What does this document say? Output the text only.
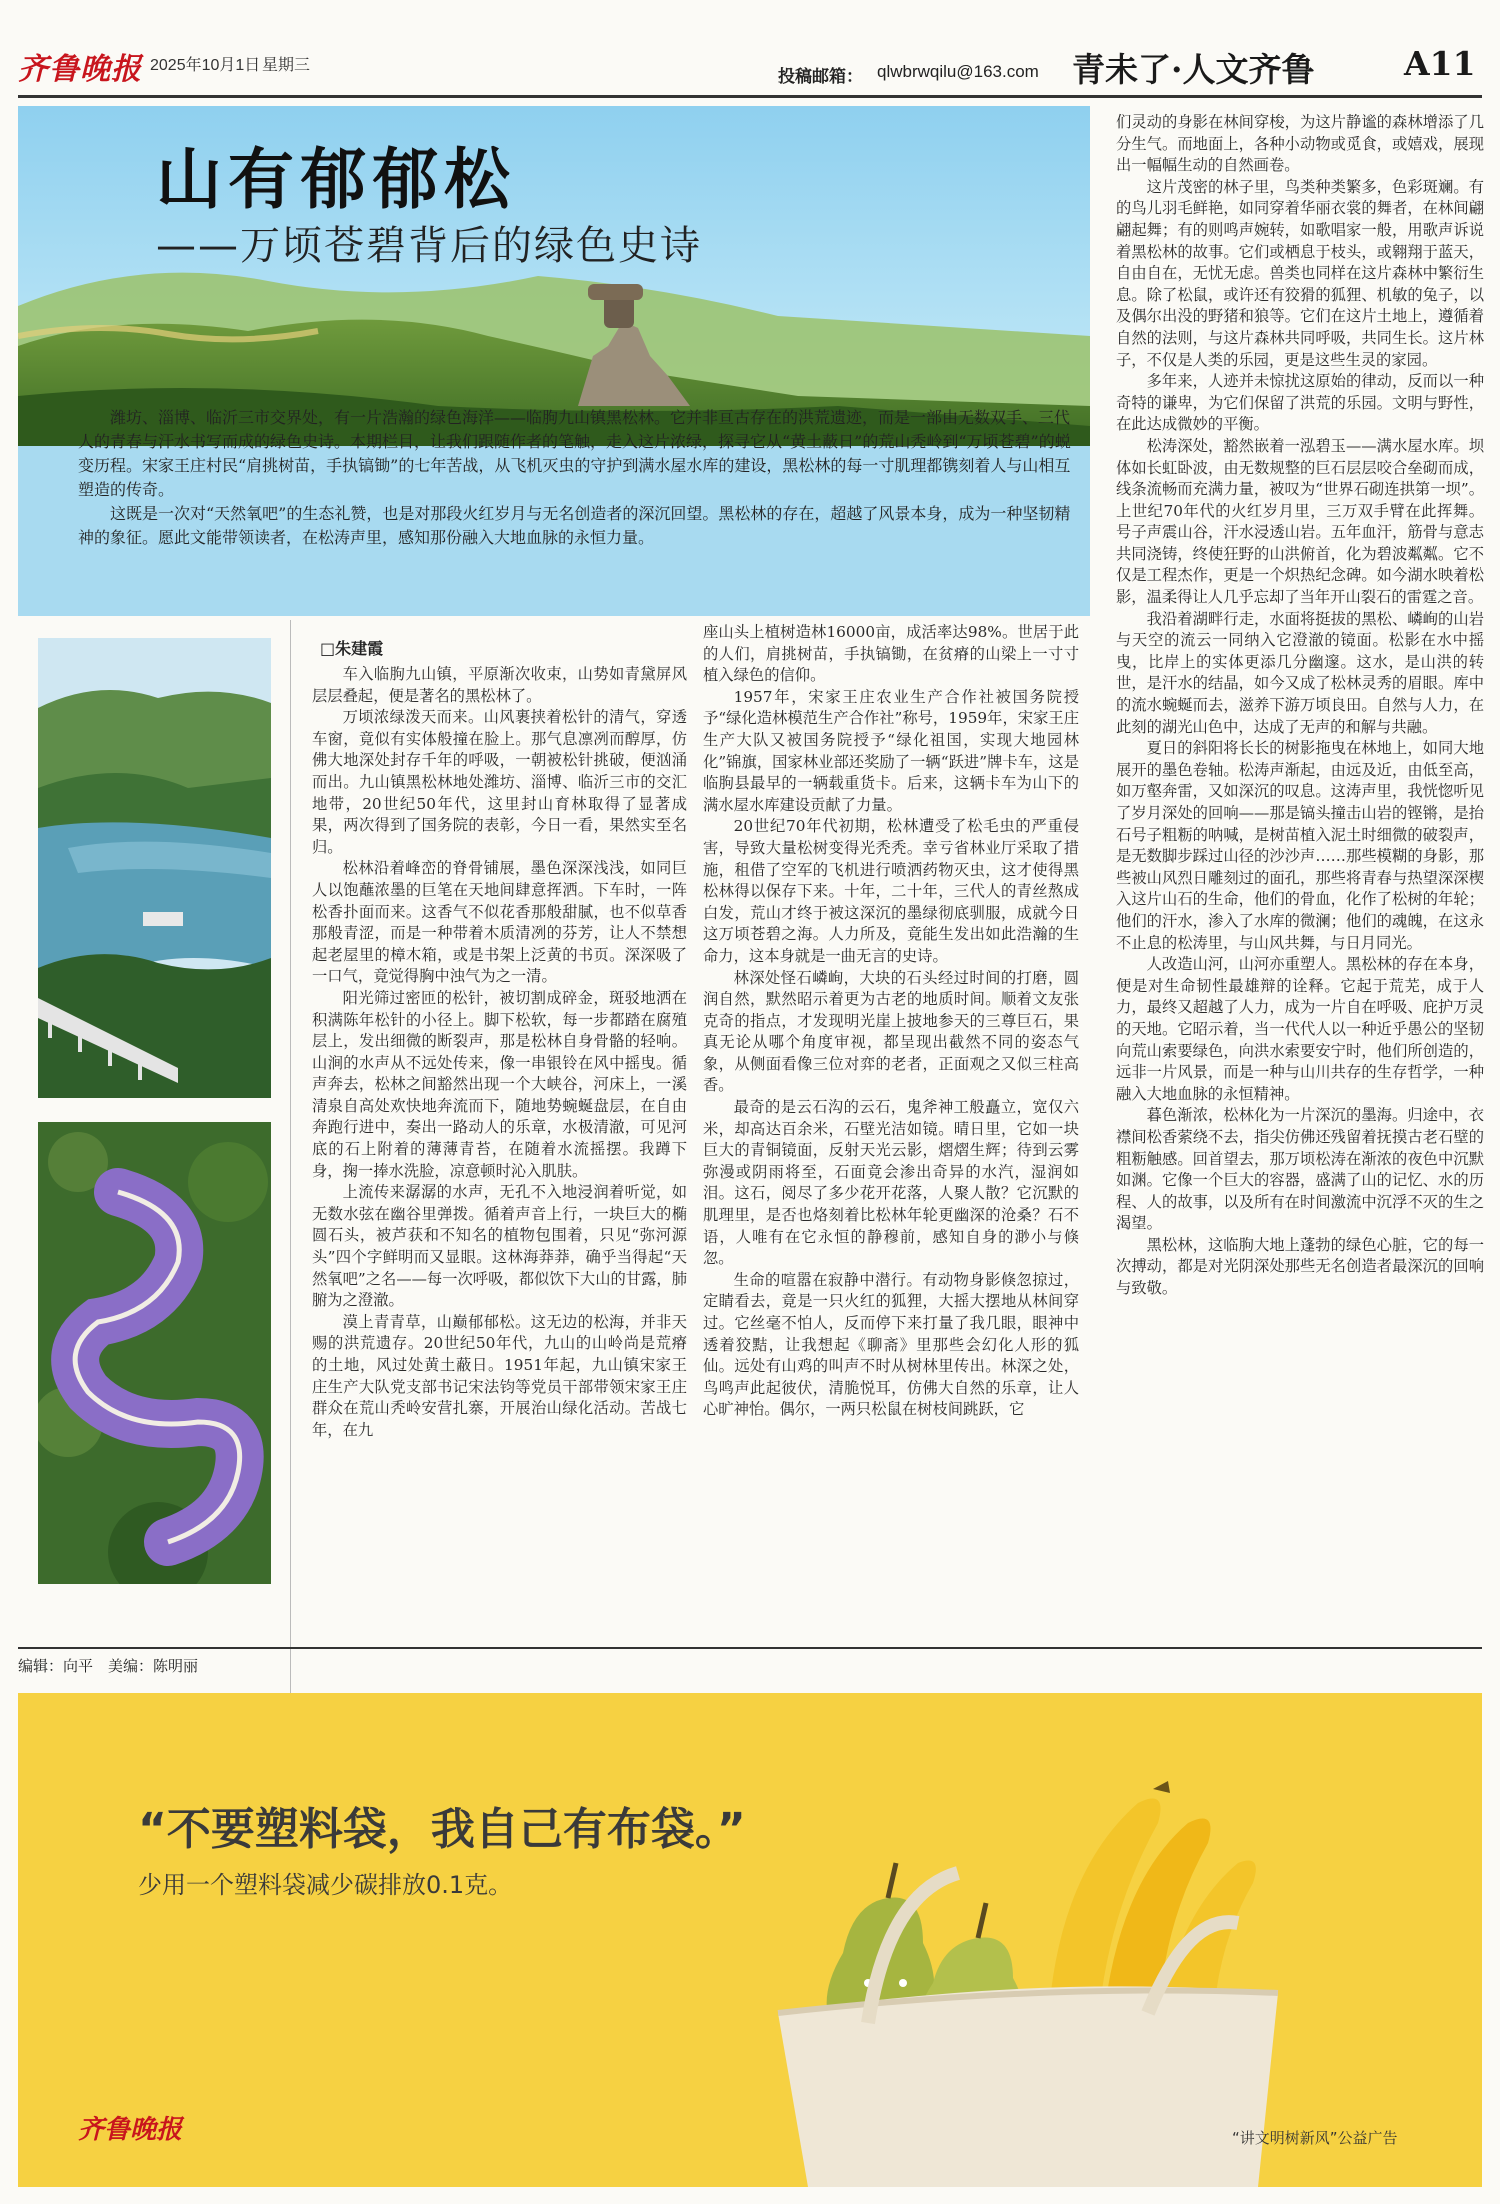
齐鲁晚报 2025年10月1日 星期三
投稿邮箱： qlwbrwqilu@163.com 青未了·人文齐鲁	A11
山有郁郁松
——万顷苍碧背后的绿色史诗

潍坊、淄博、临沂三市交界处，有一片浩瀚的绿色海洋——临朐九山镇黑松林。它并非亘古存在的洪荒遗迹，而是一部由无数双手、三代人的青春与汗水书写而成的绿色史诗。本期栏目，让我们跟随作者的笔触，走入这片浓绿，探寻它从“黄土蔽日”的荒山秃岭到“万顷苍碧”的蜕变历程。宋家王庄村民“肩挑树苗，手执镐锄”的七年苦战，从飞机灭虫的守护到满水屋水库的建设，黑松林的每一寸肌理都镌刻着人与山相互塑造的传奇。

这既是一次对“天然氧吧”的生态礼赞，也是对那段火红岁月与无名创造者的深沉回望。黑松林的存在，超越了风景本身，成为一种坚韧精神的象征。愿此文能带领读者，在松涛声里，感知那份融入大地血脉的永恒力量。

□朱建霞

车入临朐九山镇，平原渐次收束，山势如青黛屏风层层叠起，便是著名的黑松林了。

万顷浓绿泼天而来。山风裹挟着松针的清气，穿透车窗，竟似有实体般撞在脸上。那气息凛冽而醇厚，仿佛大地深处封存千年的呼吸，一朝被松针挑破，便汹涌而出。九山镇黑松林地处潍坊、淄博、临沂三市的交汇地带，20世纪50年代，这里封山育林取得了显著成果，两次得到了国务院的表彰，今日一看，果然实至名归。

松林沿着峰峦的脊骨铺展，墨色深深浅浅，如同巨人以饱蘸浓墨的巨笔在天地间肆意挥洒。下车时，一阵松香扑面而来。这香气不似花香那般甜腻，也不似草香那般青涩，而是一种带着木质清冽的芬芳，让人不禁想起老屋里的樟木箱，或是书架上泛黄的书页。深深吸了一口气，竟觉得胸中浊气为之一清。

阳光筛过密匝的松针，被切割成碎金，斑驳地洒在积满陈年松针的小径上。脚下松软，每一步都踏在腐殖层上，发出细微的断裂声，那是松林自身骨骼的轻响。山涧的水声从不远处传来，像一串银铃在风中摇曳。循声奔去，松林之间豁然出现一个大峡谷，河床上，一溪清泉自高处欢快地奔流而下，随地势蜿蜒盘层，在自由奔跑行进中，奏出一路动人的乐章，水极清澈，可见河底的石上附着的薄薄青苔，在随着水流摇摆。我蹲下身，掬一捧水洗脸，凉意顿时沁入肌肤。

上流传来潺潺的水声，无孔不入地浸润着听觉，如无数水弦在幽谷里弹拨。循着声音上行，一块巨大的椭圆石头，被芦获和不知名的植物包围着，只见“弥河源头”四个字鲜明而又显眼。这林海莽莽，确乎当得起“天然氧吧”之名——每一次呼吸，都似饮下大山的甘露，肺腑为之澄澈。

漠上青青草，山巅郁郁松。这无边的松海，并非天赐的洪荒遗存。20世纪50年代，九山的山岭尚是荒瘠的土地，风过处黄土蔽日。1951年起，九山镇宋家王庄生产大队党支部书记宋法钧等党员干部带领宋家王庄群众在荒山秃岭安营扎寨，开展治山绿化活动。苦战七年，在九

座山头上植树造林16000亩，成活率达98%。世居于此的人们，肩挑树苗，手执镐锄，在贫瘠的山梁上一寸寸植入绿色的信仰。

1957年，宋家王庄农业生产合作社被国务院授予“绿化造林模范生产合作社”称号，1959年，宋家王庄生产大队又被国务院授予“绿化祖国，实现大地园林化”锦旗，国家林业部还奖励了一辆“跃进”牌卡车，这是临朐县最早的一辆载重货卡。后来，这辆卡车为山下的满水屋水库建设贡献了力量。

20世纪70年代初期，松林遭受了松毛虫的严重侵害，导致大量松树变得光秃秃。幸亏省林业厅采取了措施，租借了空军的飞机进行喷洒药物灭虫，这才使得黑松林得以保存下来。十年，二十年，三代人的青丝熬成白发，荒山才终于被这深沉的墨绿彻底驯服，成就今日这万顷苍碧之海。人力所及，竟能生发出如此浩瀚的生命力，这本身就是一曲无言的史诗。

林深处怪石嶙峋，大块的石头经过时间的打磨，圆润自然，默然昭示着更为古老的地质时间。顺着文友张克奇的指点，才发现明光崖上披地参天的三尊巨石，果真无论从哪个角度审视，都呈现出截然不同的姿态气象，从侧面看像三位对弈的老者，正面观之又似三柱高香。

最奇的是云石沟的云石，鬼斧神工般矗立，宽仅六米，却高达百余米，石壁光洁如镜。晴日里，它如一块巨大的青铜镜面，反射天光云影，熠熠生辉；待到云雾弥漫或阴雨将至，石面竟会渗出奇异的水汽，湿润如泪。这石，阅尽了多少花开花落，人聚人散？它沉默的肌理里，是否也烙刻着比松林年轮更幽深的沧桑？石不语，人唯有在它永恒的静穆前，感知自身的渺小与倏忽。

生命的喧嚣在寂静中潜行。有动物身影倏忽掠过，定睛看去，竟是一只火红的狐狸，大摇大摆地从林间穿过。它丝毫不怕人，反而停下来打量了我几眼，眼神中透着狡黠，让我想起《聊斋》里那些会幻化人形的狐仙。远处有山鸡的叫声不时从树林里传出。林深之处，鸟鸣声此起彼伏，清脆悦耳，仿佛大自然的乐章，让人心旷神怡。偶尔，一两只松鼠在树枝间跳跃，它

们灵动的身影在林间穿梭，为这片静谧的森林增添了几分生气。而地面上，各种小动物或觅食，或嬉戏，展现出一幅幅生动的自然画卷。

这片茂密的林子里，鸟类种类繁多，色彩斑斓。有的鸟儿羽毛鲜艳，如同穿着华丽衣裳的舞者，在林间翩翩起舞；有的则鸣声婉转，如歌唱家一般，用歌声诉说着黑松林的故事。它们或栖息于枝头，或翱翔于蓝天，自由自在，无忧无虑。兽类也同样在这片森林中繁衍生息。除了松鼠，或许还有狡猾的狐狸、机敏的兔子，以及偶尔出没的野猪和狼等。它们在这片土地上，遵循着自然的法则，与这片森林共同呼吸，共同生长。这片林子，不仅是人类的乐园，更是这些生灵的家园。

多年来，人迹并未惊扰这原始的律动，反而以一种奇特的谦卑，为它们保留了洪荒的乐园。文明与野性，在此达成微妙的平衡。

松涛深处，豁然嵌着一泓碧玉——满水屋水库。坝体如长虹卧波，由无数规整的巨石层层咬合垒砌而成，线条流畅而充满力量，被叹为“世界石砌连拱第一坝”。上世纪70年代的火红岁月里，三万双手臂在此挥舞。号子声震山谷，汗水浸透山岩。五年血汗，筋骨与意志共同浇铸，终使狂野的山洪俯首，化为碧波粼粼。它不仅是工程杰作，更是一个炽热纪念碑。如今湖水映着松影，温柔得让人几乎忘却了当年开山裂石的雷霆之音。

我沿着湖畔行走，水面将挺拔的黑松、嶙峋的山岩与天空的流云一同纳入它澄澈的镜面。松影在水中摇曳，比岸上的实体更添几分幽邃。这水，是山洪的转世，是汗水的结晶，如今又成了松林灵秀的眉眼。库中的流水蜿蜒而去，滋养下游万顷良田。自然与人力，在此刻的湖光山色中，达成了无声的和解与共融。

夏日的斜阳将长长的树影拖曳在林地上，如同大地展开的墨色卷轴。松涛声渐起，由远及近，由低至高，如万壑奔雷，又如深沉的叹息。这涛声里，我恍惚听见了岁月深处的回响——那是镐头撞击山岩的铿锵，是抬石号子粗粝的呐喊，是树苗植入泥土时细微的破裂声，是无数脚步踩过山径的沙沙声……那些模糊的身影，那些被山风烈日雕刻过的面孔，那些将青春与热望深深楔入这片山石的生命，他们的骨血，化作了松树的年轮；他们的汗水，渗入了水库的微澜；他们的魂魄，在这永不止息的松涛里，与山风共舞，与日月同光。

人改造山河，山河亦重塑人。黑松林的存在本身，便是对生命韧性最雄辩的诠释。它起于荒芜，成于人力，最终又超越了人力，成为一片自在呼吸、庇护万灵的天地。它昭示着，当一代代人以一种近乎愚公的坚韧向荒山索要绿色，向洪水索要安宁时，他们所创造的，远非一片风景，而是一种与山川共存的生存哲学，一种融入大地血脉的永恒精神。

暮色渐浓，松林化为一片深沉的墨海。归途中，衣襟间松香萦绕不去，指尖仿佛还残留着抚摸古老石壁的粗粝触感。回首望去，那万顷松涛在渐浓的夜色中沉默如渊。它像一个巨大的容器，盛满了山的记忆、水的历程、人的故事，以及所有在时间激流中沉浮不灭的生之渴望。

黑松林，这临朐大地上蓬勃的绿色心脏，它的每一次搏动，都是对光阴深处那些无名创造者最深沉的回响与致敬。

编辑：向平　美编：陈明丽
“不要塑料袋，我自己有布袋。”
少用一个塑料袋减少碳排放0.1克。
齐鲁晚报	“讲文明树新风”公益广告
